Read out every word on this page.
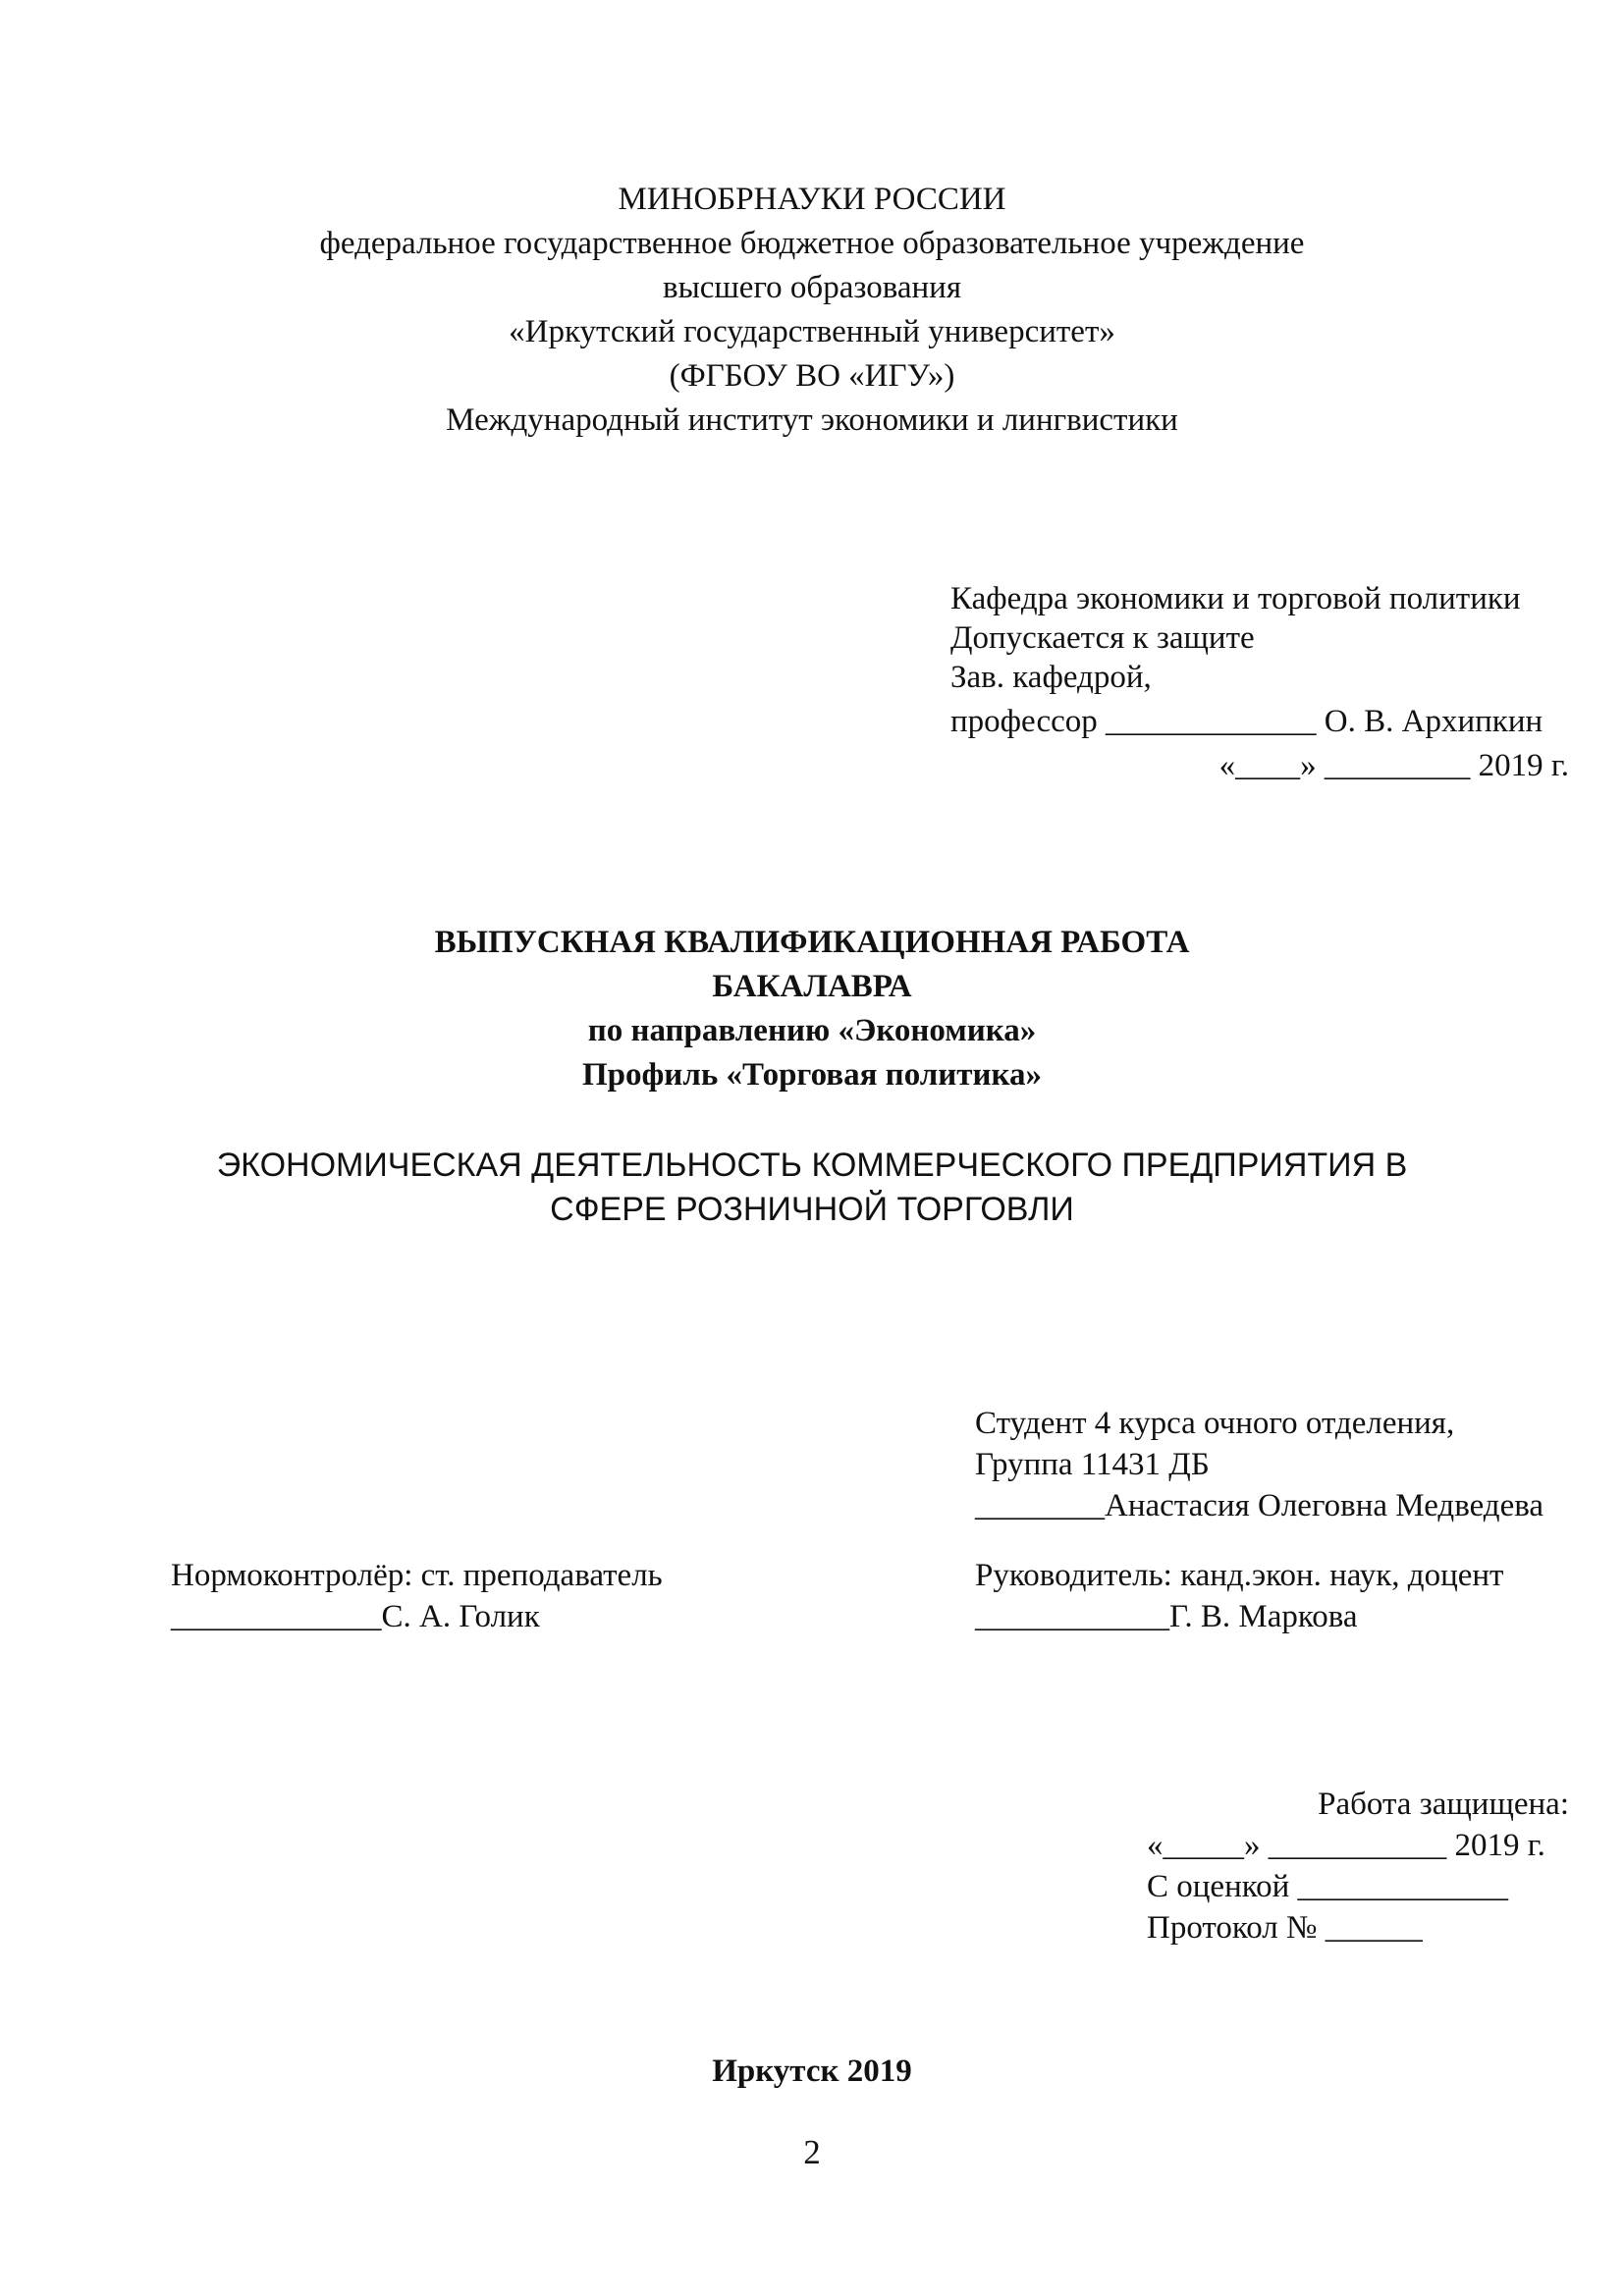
МИНОБРНАУКИ РОССИИ
федеральное государственное бюджетное образовательное учреждение
высшего образования
«Иркутский государственный университет»
(ФГБОУ ВО «ИГУ»)
Международный институт экономики и лингвистики
Кафедра экономики и торговой политики
Допускается к защите
Зав. кафедрой,
профессор _____________ О. В. Архипкин
«____» _________ 2019 г.
ВЫПУСКНАЯ КВАЛИФИКАЦИОННАЯ РАБОТА
БАКАЛАВРА
по направлению «Экономика»
Профиль «Торговая политика»
ЭКОНОМИЧЕСКАЯ ДЕЯТЕЛЬНОСТЬ КОММЕРЧЕСКОГО ПРЕДПРИЯТИЯ В
СФЕРЕ РОЗНИЧНОЙ ТОРГОВЛИ
Студент 4 курса очного отделения,
Группа 11431 ДБ
________Анастасия Олеговна Медведева
Нормоконтролёр: ст. преподаватель
_____________С. А. Голик
Руководитель: канд.экон. наук, доцент
____________Г. В. Маркова
Работа защищена:
«_____» ___________ 2019 г.
С оценкой _____________
Протокол № ______
Иркутск 2019
2
